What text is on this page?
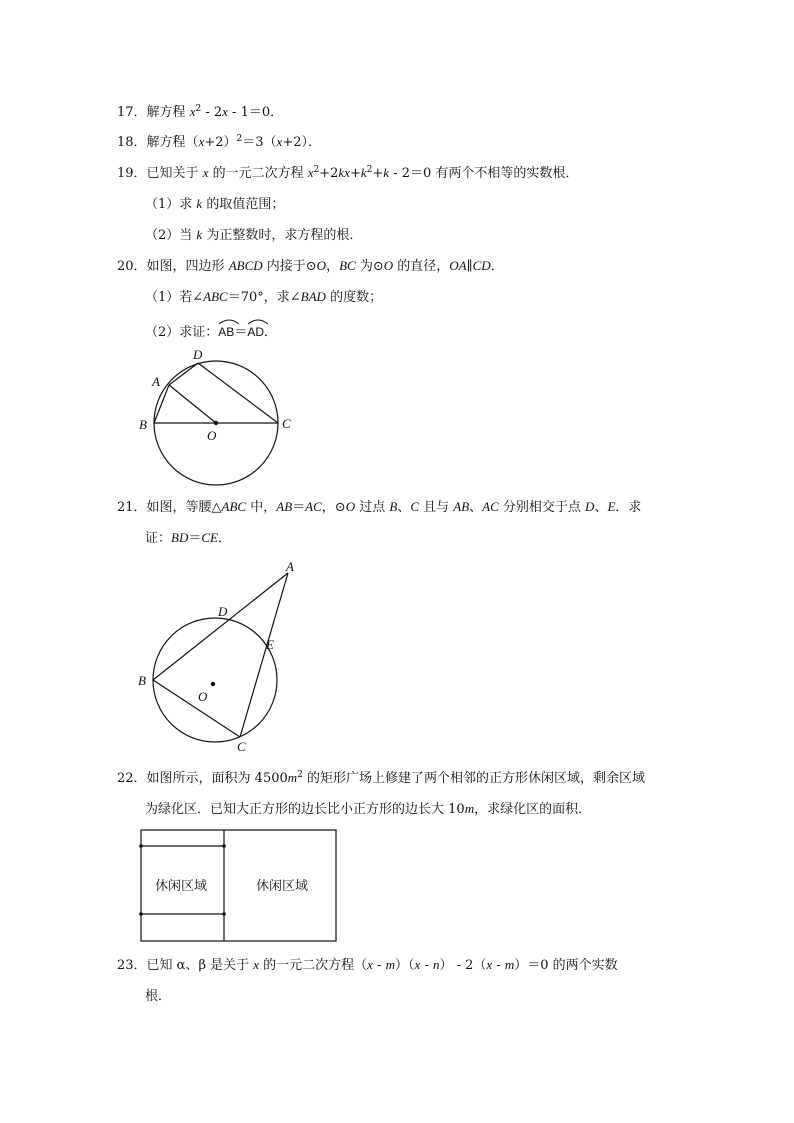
17．解方程 $x^2 - 2x - 1=0$．
18．解方程$(x+2)^2=3(x+2)$．
19．已知关于 x 的一元二次方程 $x^2+2kx+k^2+k - 2=0$ 有两个不相等的实数根．
（1）求 k 的取值范围；
（2）当 k 为正整数时，求方程的根．
20．如图，四边形 ABCD 内接于⊙O，BC 为⊙O 的直径，OA∥CD．
（1）若∠ABC＝70°，求∠BAD 的度数；
（2）求证：
AB＝
AD．
D
A
B	C
O
21．如图，等腰△ABC 中，AB＝AC，⊙O 过点 B、C 且与 AB、AC 分别相交于点 D、E．求
证：BD＝CE．
A
D
E
B
O
C
22．如图所示，面积为 $4500m^2$ 的矩形广场上修建了两个相邻的正方形休闲区域，剩余区域
为绿化区．已知大正方形的边长比小正方形的边长大 10m，求绿化区的面积．
休闲区域	休闲区域
23．已知 α、β 是关于 x 的一元二次方程（x - m）（x - n） - 2（x - m）＝0 的两个实数
根．
